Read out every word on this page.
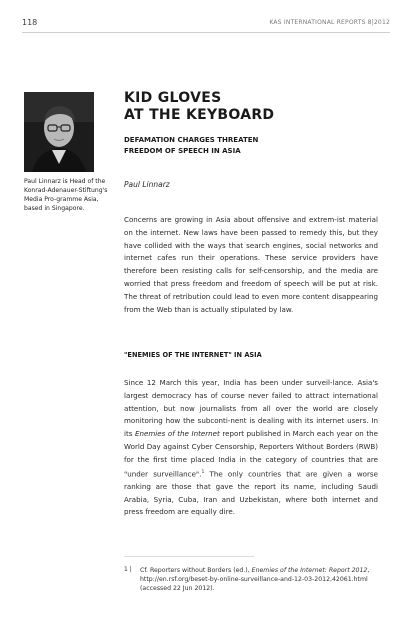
118	KAS INTERNATIONAL REPORTS 8|2012
Paul Linnarz is Head of the Konrad-Adenauer-Stiftung's Media Pro-gramme Asia, based in Singapore.
KID GLOVES
AT THE KEYBOARD
DEFAMATION CHARGES THREATEN
FREEDOM OF SPEECH IN ASIA
Paul Linnarz
Concerns are growing in Asia about offensive and extrem-ist material on the internet. New laws have been passed to remedy this, but they have collided with the ways that search engines, social networks and internet cafes run their operations. These service providers have therefore been resisting calls for self-censorship, and the media are worried that press freedom and freedom of speech will be put at risk. The threat of retribution could lead to even more content disappearing from the Web than is actually stipulated by law.
"ENEMIES OF THE INTERNET" IN ASIA
Since 12 March this year, India has been under surveil-lance. Asia's largest democracy has of course never failed to attract international attention, but now journalists from all over the world are closely monitoring how the subconti-nent is dealing with its internet users. In its Enemies of the Internet report published in March each year on the World Day against Cyber Censorship, Reporters Without Borders (RWB) for the first time placed India in the category of countries that are "under surveillance".$^1$ The only countries that are given a worse ranking are those that gave the report its name, including Saudi Arabia, Syria, Cuba, Iran and Uzbekistan, where both internet and press freedom are equally dire.
1 | Cf. Reporters without Borders (ed.), Enemies of the Internet: Report 2012, http://en.rsf.org/beset-by-online-surveillance-and-12-03-2012,42061.html (accessed 22 Jun 2012).
